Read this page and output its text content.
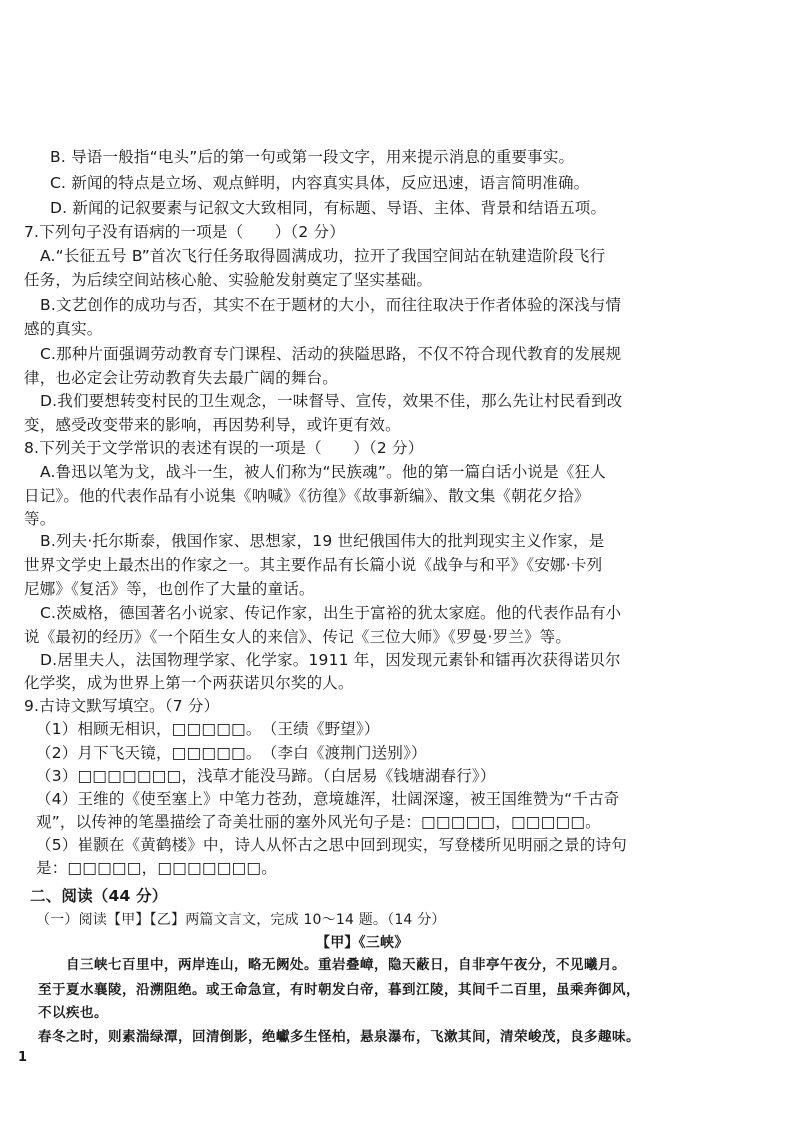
B. 导语一般指“电头”后的第一句或第一段文字，用来提示消息的重要事实。
C. 新闻的特点是立场、观点鲜明，内容真实具体，反应迅速，语言简明准确。
D. 新闻的记叙要素与记叙文大致相同，有标题、导语、主体、背景和结语五项。
7.下列句子没有语病的一项是（　　）（2 分）
A.“长征五号 B”首次飞行任务取得圆满成功，拉开了我国空间站在轨建造阶段飞行
任务，为后续空间站核心舱、实验舱发射奠定了坚实基础。
B.文艺创作的成功与否，其实不在于题材的大小，而往往取决于作者体验的深浅与情
感的真实。
C.那种片面强调劳动教育专门课程、活动的狭隘思路，不仅不符合现代教育的发展规
律，也必定会让劳动教育失去最广阔的舞台。
D.我们要想转变村民的卫生观念，一味督导、宣传，效果不佳，那么先让村民看到改
变，感受改变带来的影响，再因势利导，或许更有效。
8.下列关于文学常识的表述有误的一项是（　　）（2 分）
A.鲁迅以笔为戈，战斗一生，被人们称为“民族魂”。他的第一篇白话小说是《狂人
日记》。他的代表作品有小说集《呐喊》《彷徨》《故事新编》、散文集《朝花夕拾》
等。
B.列夫·托尔斯泰，俄国作家、思想家，19 世纪俄国伟大的批判现实主义作家，是
世界文学史上最杰出的作家之一。其主要作品有长篇小说《战争与和平》《安娜·卡列
尼娜》《复活》等，也创作了大量的童话。
C.茨威格，德国著名小说家、传记作家，出生于富裕的犹太家庭。他的代表作品有小
说《最初的经历》《一个陌生女人的来信》、传记《三位大师》《罗曼·罗兰》等。
D.居里夫人，法国物理学家、化学家。1911 年，因发现元素钋和镭再次获得诺贝尔
化学奖，成为世界上第一个两获诺贝尔奖的人。
9.古诗文默写填空。（7 分）
（1）相顾无相识，□□□□□。　（王绩《野望》）
（2）月下飞天镜，□□□□□。　（李白《渡荆门送别》）
（3）□□□□□□□，浅草才能没马蹄。（白居易《钱塘湖春行》）
（4）王维的《使至塞上》中笔力苍劲，意境雄浑，壮阔深邃，被王国维赞为“千古奇
观”，以传神的笔墨描绘了奇美壮丽的塞外风光句子是：□□□□□，□□□□□。
（5）崔颢在《黄鹤楼》中，诗人从怀古之思中回到现实，写登楼所见明丽之景的诗句
是：□□□□□，□□□□□□□。
二、阅读（44 分）
（一）阅读【甲】【乙】两篇文言文，完成 10～14 题。（14 分）
【甲】《三峡》
自三峡七百里中，两岸连山，略无阙处。重岩叠嶂，隐天蔽日，自非亭午夜分，不见曦月。
至于夏水襄陵，沿溯阻绝。或王命急宣，有时朝发白帝，暮到江陵，其间千二百里，虽乘奔御风，
不以疾也。
春冬之时，则素湍绿潭，回清倒影，绝巘多生怪柏，悬泉瀑布，飞漱其间，清荣峻茂，良多趣味。
1
